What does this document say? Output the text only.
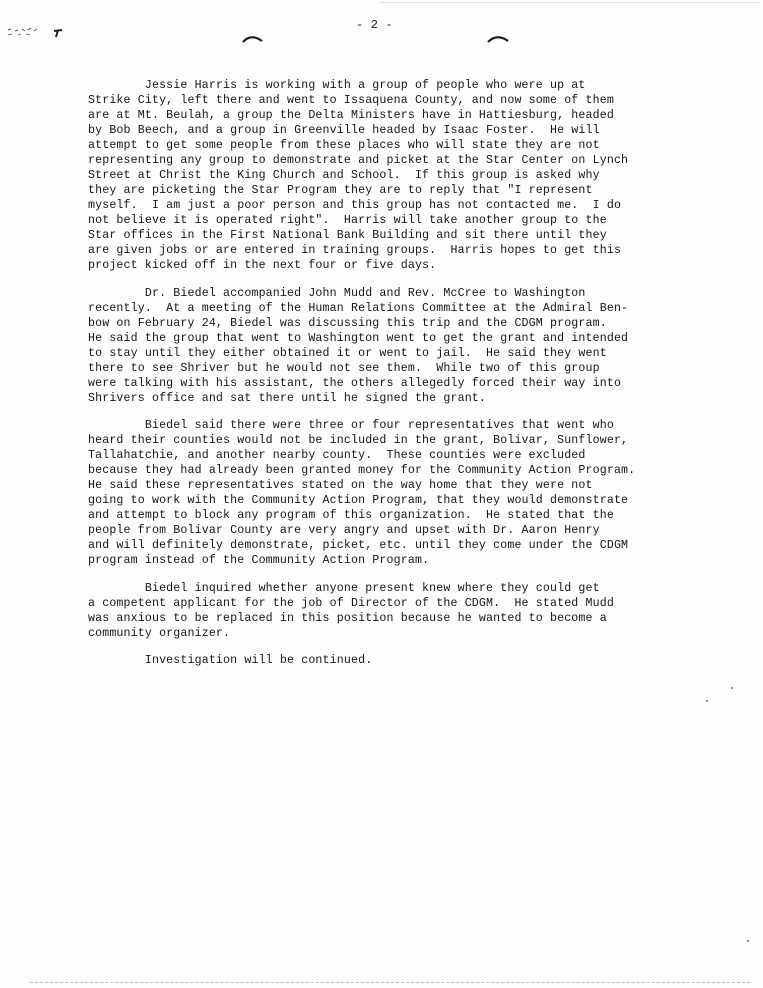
- 2 -

Jessie Harris is working with a group of people who were up at
Strike City, left there and went to Issaquena County, and now some of them
are at Mt. Beulah, a group the Delta Ministers have in Hattiesburg, headed
by Bob Beech, and a group in Greenville headed by Isaac Foster.  He will
attempt to get some people from these places who will state they are not
representing any group to demonstrate and picket at the Star Center on Lynch
Street at Christ the King Church and School.  If this group is asked why
they are picketing the Star Program they are to reply that "I represent
myself.  I am just a poor person and this group has not contacted me.  I do
not believe it is operated right".  Harris will take another group to the
Star offices in the First National Bank Building and sit there until they
are given jobs or are entered in training groups.  Harris hopes to get this
project kicked off in the next four or five days.

Dr. Biedel accompanied John Mudd and Rev. McCree to Washington
recently.  At a meeting of the Human Relations Committee at the Admiral Ben-
bow on February 24, Biedel was discussing this trip and the CDGM program.
He said the group that went to Washington went to get the grant and intended
to stay until they either obtained it or went to jail.  He said they went
there to see Shriver but he would not see them.  While two of this group
were talking with his assistant, the others allegedly forced their way into
Shrivers office and sat there until he signed the grant.

Biedel said there were three or four representatives that went who
heard their counties would not be included in the grant, Bolivar, Sunflower,
Tallahatchie, and another nearby county.  These counties were excluded
because they had already been granted money for the Community Action Program.
He said these representatives stated on the way home that they were not
going to work with the Community Action Program, that they would demonstrate
and attempt to block any program of this organization.  He stated that the
people from Bolivar County are very angry and upset with Dr. Aaron Henry
and will definitely demonstrate, picket, etc. until they come under the CDGM
program instead of the Community Action Program.

Biedel inquired whether anyone present knew where they could get
a competent applicant for the job of Director of the CDGM.  He stated Mudd
was anxious to be replaced in this position because he wanted to become a
community organizer.

Investigation will be continued.
